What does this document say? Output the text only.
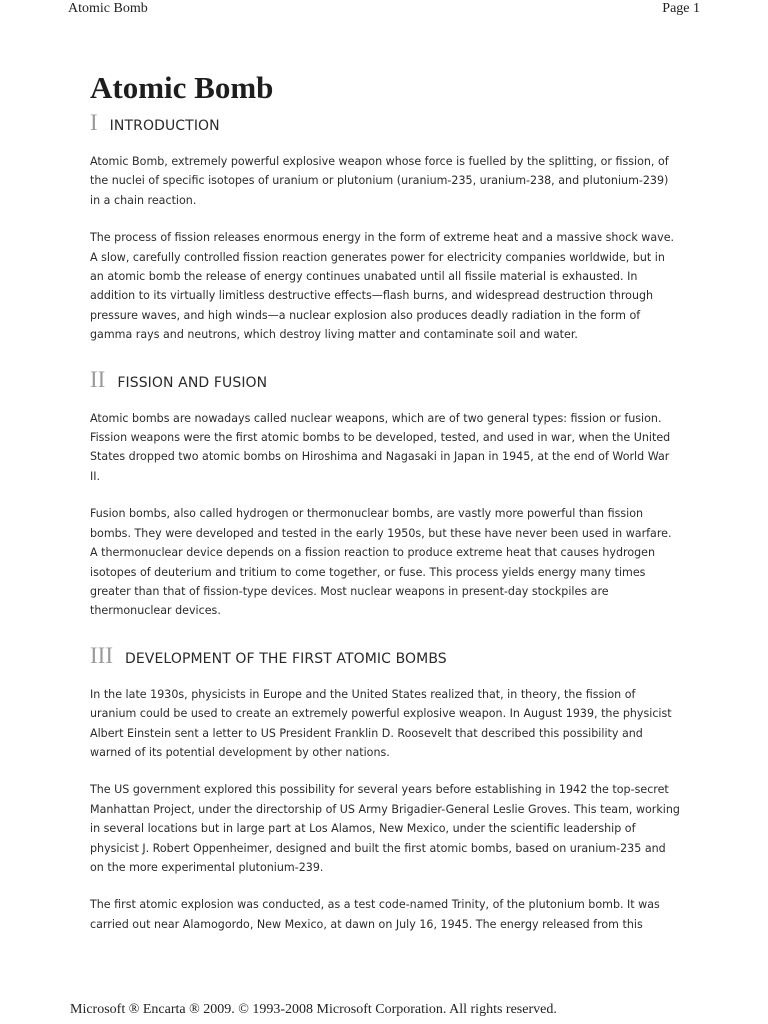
Atomic Bomb	Page 1
Atomic Bomb
I INTRODUCTION

Atomic Bomb, extremely powerful explosive weapon whose force is fuelled by the splitting, or fission, of the nuclei of specific isotopes of uranium or plutonium (uranium-235, uranium-238, and plutonium-239) in a chain reaction.

The process of fission releases enormous energy in the form of extreme heat and a massive shock wave. A slow, carefully controlled fission reaction generates power for electricity companies worldwide, but in an atomic bomb the release of energy continues unabated until all fissile material is exhausted. In addition to its virtually limitless destructive effects—flash burns, and widespread destruction through pressure waves, and high winds—a nuclear explosion also produces deadly radiation in the form of gamma rays and neutrons, which destroy living matter and contaminate soil and water.

II FISSION AND FUSION

Atomic bombs are nowadays called nuclear weapons, which are of two general types: fission or fusion. Fission weapons were the first atomic bombs to be developed, tested, and used in war, when the United States dropped two atomic bombs on Hiroshima and Nagasaki in Japan in 1945, at the end of World War II.

Fusion bombs, also called hydrogen or thermonuclear bombs, are vastly more powerful than fission bombs. They were developed and tested in the early 1950s, but these have never been used in warfare. A thermonuclear device depends on a fission reaction to produce extreme heat that causes hydrogen isotopes of deuterium and tritium to come together, or fuse. This process yields energy many times greater than that of fission-type devices. Most nuclear weapons in present-day stockpiles are thermonuclear devices.

III DEVELOPMENT OF THE FIRST ATOMIC BOMBS

In the late 1930s, physicists in Europe and the United States realized that, in theory, the fission of uranium could be used to create an extremely powerful explosive weapon. In August 1939, the physicist Albert Einstein sent a letter to US President Franklin D. Roosevelt that described this possibility and warned of its potential development by other nations.

The US government explored this possibility for several years before establishing in 1942 the top-secret Manhattan Project, under the directorship of US Army Brigadier-General Leslie Groves. This team, working in several locations but in large part at Los Alamos, New Mexico, under the scientific leadership of physicist J. Robert Oppenheimer, designed and built the first atomic bombs, based on uranium-235 and on the more experimental plutonium-239.

The first atomic explosion was conducted, as a test code-named Trinity, of the plutonium bomb. It was carried out near Alamogordo, New Mexico, at dawn on July 16, 1945. The energy released from this

Microsoft ® Encarta ® 2009. © 1993-2008 Microsoft Corporation. All rights reserved.
